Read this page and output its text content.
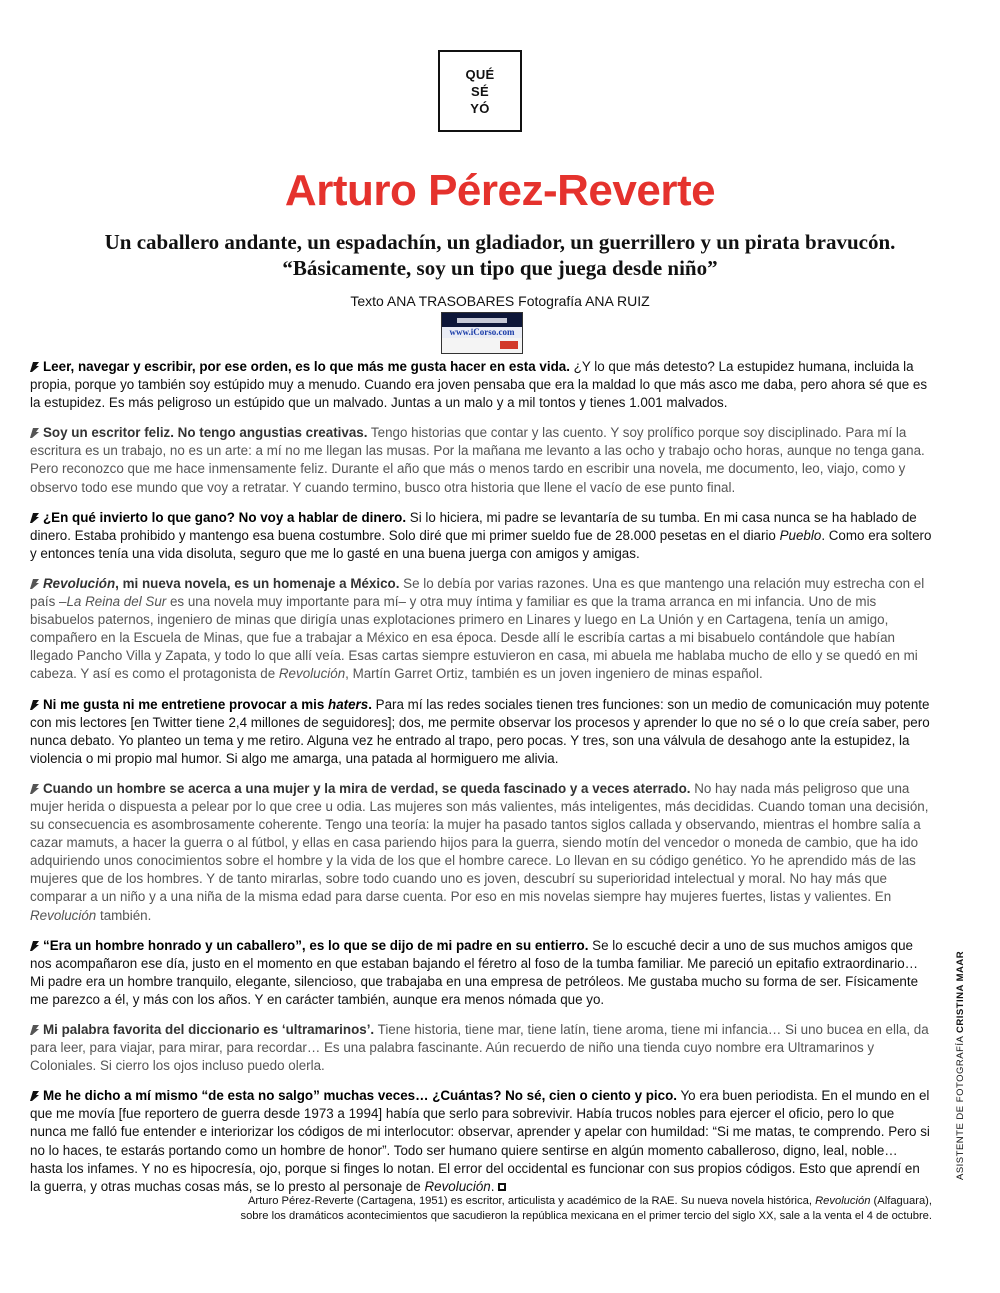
QUÉ
SÉ
YÓ
Arturo Pérez-Reverte
Un caballero andante, un espadachín, un gladiador, un guerrillero y un pirata bravucón.
“Básicamente, soy un tipo que juega desde niño”
Texto ANA TRASOBARES Fotografía ANA RUIZ
www.iCorso.com

Leer, navegar y escribir, por ese orden, es lo que más me gusta hacer en esta vida. ¿Y lo que más detesto? La estupidez humana, incluida la propia, porque yo también soy estúpido muy a menudo. Cuando era joven pensaba que era la maldad lo que más asco me daba, pero ahora sé que es la estupidez. Es más peligroso un estúpido que un malvado. Juntas a un malo y a mil tontos y tienes 1.001 malvados.

Soy un escritor feliz. No tengo angustias creativas. Tengo historias que contar y las cuento. Y soy prolífico porque soy disciplinado. Para mí la escritura es un trabajo, no es un arte: a mí no me llegan las musas. Por la mañana me levanto a las ocho y trabajo ocho horas, aunque no tenga gana. Pero reconozco que me hace inmensamente feliz. Durante el año que más o menos tardo en escribir una novela, me documento, leo, viajo, como y observo todo ese mundo que voy a retratar. Y cuando termino, busco otra historia que llene el vacío de ese punto final.

¿En qué invierto lo que gano? No voy a hablar de dinero. Si lo hiciera, mi padre se levantaría de su tumba. En mi casa nunca se ha hablado de dinero. Estaba prohibido y mantengo esa buena costumbre. Solo diré que mi primer sueldo fue de 28.000 pesetas en el diario Pueblo. Como era soltero y entonces tenía una vida disoluta, seguro que me lo gasté en una buena juerga con amigos y amigas.

Revolución, mi nueva novela, es un homenaje a México. Se lo debía por varias razones. Una es que mantengo una relación muy estrecha con el país –La Reina del Sur es una novela muy importante para mí– y otra muy íntima y familiar es que la trama arranca en mi infancia. Uno de mis bisabuelos paternos, ingeniero de minas que dirigía unas explotaciones primero en Linares y luego en La Unión y en Cartagena, tenía un amigo, compañero en la Escuela de Minas, que fue a trabajar a México en esa época. Desde allí le escribía cartas a mi bisabuelo contándole que habían llegado Pancho Villa y Zapata, y todo lo que allí veía. Esas cartas siempre estuvieron en casa, mi abuela me hablaba mucho de ello y se quedó en mi cabeza. Y así es como el protagonista de Revolución, Martín Garret Ortiz, también es un joven ingeniero de minas español.

Ni me gusta ni me entretiene provocar a mis haters. Para mí las redes sociales tienen tres funciones: son un medio de comunicación muy potente con mis lectores [en Twitter tiene 2,4 millones de seguidores]; dos, me permite observar los procesos y aprender lo que no sé o lo que creía saber, pero nunca debato. Yo planteo un tema y me retiro. Alguna vez he entrado al trapo, pero pocas. Y tres, son una válvula de desahogo ante la estupidez, la violencia o mi propio mal humor. Si algo me amarga, una patada al hormiguero me alivia.

Cuando un hombre se acerca a una mujer y la mira de verdad, se queda fascinado y a veces aterrado. No hay nada más peligroso que una mujer herida o dispuesta a pelear por lo que cree u odia. Las mujeres son más valientes, más inteligentes, más decididas. Cuando toman una decisión, su consecuencia es asombrosamente coherente. Tengo una teoría: la mujer ha pasado tantos siglos callada y observando, mientras el hombre salía a cazar mamuts, a hacer la guerra o al fútbol, y ellas en casa pariendo hijos para la guerra, siendo motín del vencedor o moneda de cambio, que ha ido adquiriendo unos conocimientos sobre el hombre y la vida de los que el hombre carece. Lo llevan en su código genético. Yo he aprendido más de las mujeres que de los hombres. Y de tanto mirarlas, sobre todo cuando uno es joven, descubrí su superioridad intelectual y moral. No hay más que comparar a un niño y a una niña de la misma edad para darse cuenta. Por eso en mis novelas siempre hay mujeres fuertes, listas y valientes. En Revolución también.

“Era un hombre honrado y un caballero”, es lo que se dijo de mi padre en su entierro. Se lo escuché decir a uno de sus muchos amigos que nos acompañaron ese día, justo en el momento en que estaban bajando el féretro al foso de la tumba familiar. Me pareció un epitafio extraordinario… Mi padre era un hombre tranquilo, elegante, silencioso, que trabajaba en una empresa de petróleos. Me gustaba mucho su forma de ser. Físicamente me parezco a él, y más con los años. Y en carácter también, aunque era menos nómada que yo.

Mi palabra favorita del diccionario es ‘ultramarinos’. Tiene historia, tiene mar, tiene latín, tiene aroma, tiene mi infancia… Si uno bucea en ella, da para leer, para viajar, para mirar, para recordar… Es una palabra fascinante. Aún recuerdo de niño una tienda cuyo nombre era Ultramarinos y Coloniales. Si cierro los ojos incluso puedo olerla.

Me he dicho a mí mismo “de esta no salgo” muchas veces… ¿Cuántas? No sé, cien o ciento y pico. Yo era buen periodista. En el mundo en el que me movía [fue reportero de guerra desde 1973 a 1994] había que serlo para sobrevivir. Había trucos nobles para ejercer el oficio, pero lo que nunca me falló fue entender e interiorizar los códigos de mi interlocutor: observar, aprender y apelar con humildad: “Si me matas, te comprendo. Pero si no lo haces, te estarás portando como un hombre de honor”. Todo ser humano quiere sentirse en algún momento caballeroso, digno, leal, noble… hasta los infames. Y no es hipocresía, ojo, porque si finges lo notan. El error del occidental es funcionar con sus propios códigos. Esto que aprendí en la guerra, y otras muchas cosas más, se lo presto al personaje de Revolución.

Arturo Pérez-Reverte (Cartagena, 1951) es escritor, articulista y académico de la RAE. Su nueva novela histórica, Revolución (Alfaguara),
sobre los dramáticos acontecimientos que sacudieron la república mexicana en el primer tercio del siglo XX, sale a la venta el 4 de octubre.
ASISTENTE DE FOTOGRAFÍA CRISTINA MAAR
